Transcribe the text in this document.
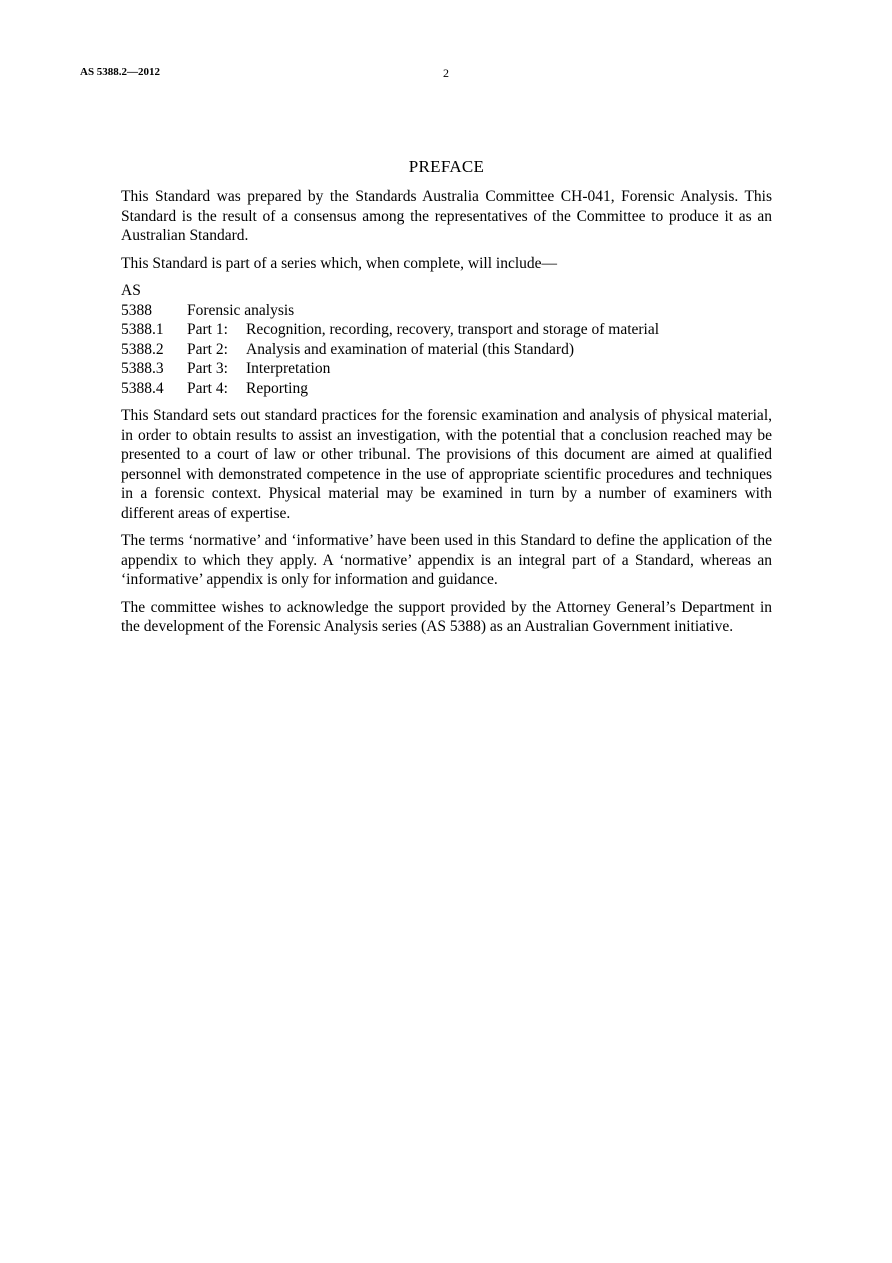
AS 5388.2—2012	2
PREFACE

This Standard was prepared by the Standards Australia Committee CH-041, Forensic Analysis. This Standard is the result of a consensus among the representatives of the Committee to produce it as an Australian Standard.

This Standard is part of a series which, when complete, will include—

AS
5388	Forensic analysis
5388.1	Part 1:	Recognition, recording, recovery, transport and storage of material
5388.2	Part 2:	Analysis and examination of material (this Standard)
5388.3	Part 3:	Interpretation
5388.4	Part 4:	Reporting

This Standard sets out standard practices for the forensic examination and analysis of physical material, in order to obtain results to assist an investigation, with the potential that a conclusion reached may be presented to a court of law or other tribunal. The provisions of this document are aimed at qualified personnel with demonstrated competence in the use of appropriate scientific procedures and techniques in a forensic context. Physical material may be examined in turn by a number of examiners with different areas of expertise.

The terms ‘normative’ and ‘informative’ have been used in this Standard to define the application of the appendix to which they apply. A ‘normative’ appendix is an integral part of a Standard, whereas an ‘informative’ appendix is only for information and guidance.

The committee wishes to acknowledge the support provided by the Attorney General’s Department in the development of the Forensic Analysis series (AS 5388) as an Australian Government initiative.
